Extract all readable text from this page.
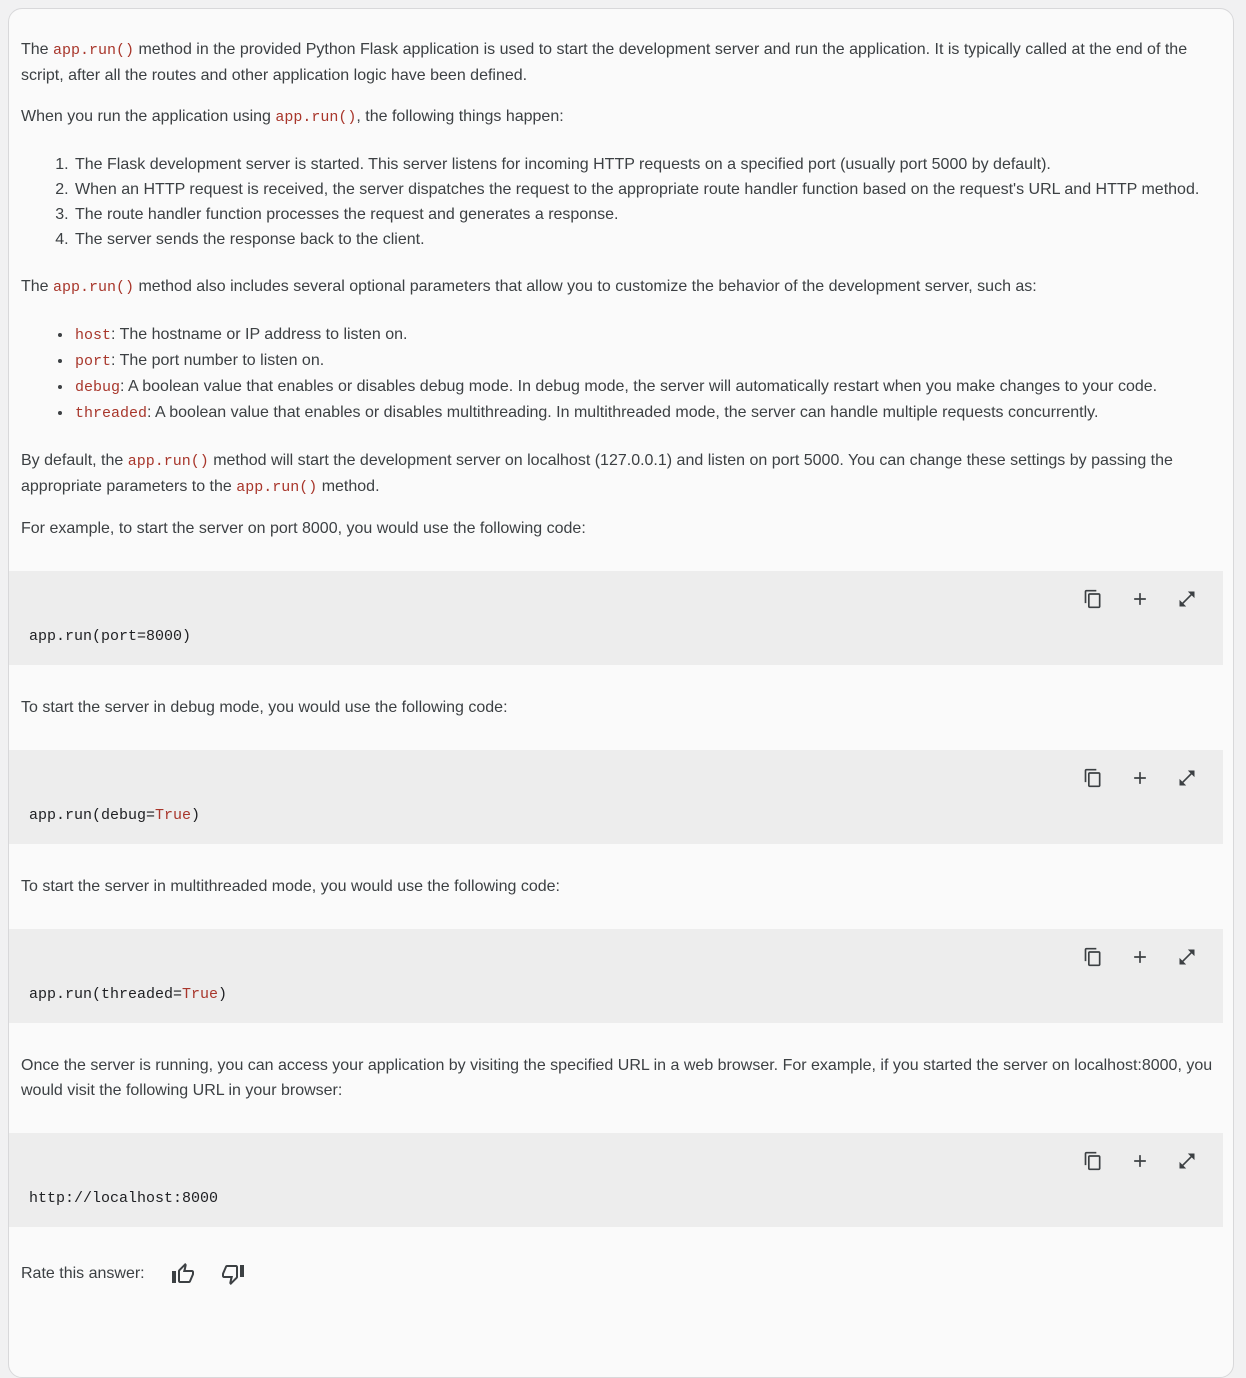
The app.run() method in the provided Python Flask application is used to start the development server and run the application. It is typically called at the end of the script, after all the routes and other application logic have been defined.

When you run the application using app.run(), the following things happen:

1. The Flask development server is started. This server listens for incoming HTTP requests on a specified port (usually port 5000 by default).
2. When an HTTP request is received, the server dispatches the request to the appropriate route handler function based on the request's URL and HTTP method.
3. The route handler function processes the request and generates a response.
4. The server sends the response back to the client.

The app.run() method also includes several optional parameters that allow you to customize the behavior of the development server, such as:

• host: The hostname or IP address to listen on.
• port: The port number to listen on.
• debug: A boolean value that enables or disables debug mode. In debug mode, the server will automatically restart when you make changes to your code.
• threaded: A boolean value that enables or disables multithreading. In multithreaded mode, the server can handle multiple requests concurrently.

By default, the app.run() method will start the development server on localhost (127.0.0.1) and listen on port 5000. You can change these settings by passing the appropriate parameters to the app.run() method.

For example, to start the server on port 8000, you would use the following code:

app.run(port=8000)

To start the server in debug mode, you would use the following code:

app.run(debug=True)

To start the server in multithreaded mode, you would use the following code:

app.run(threaded=True)

Once the server is running, you can access your application by visiting the specified URL in a web browser. For example, if you started the server on localhost:8000, you would visit the following URL in your browser:

http://localhost:8000
Rate this answer:
